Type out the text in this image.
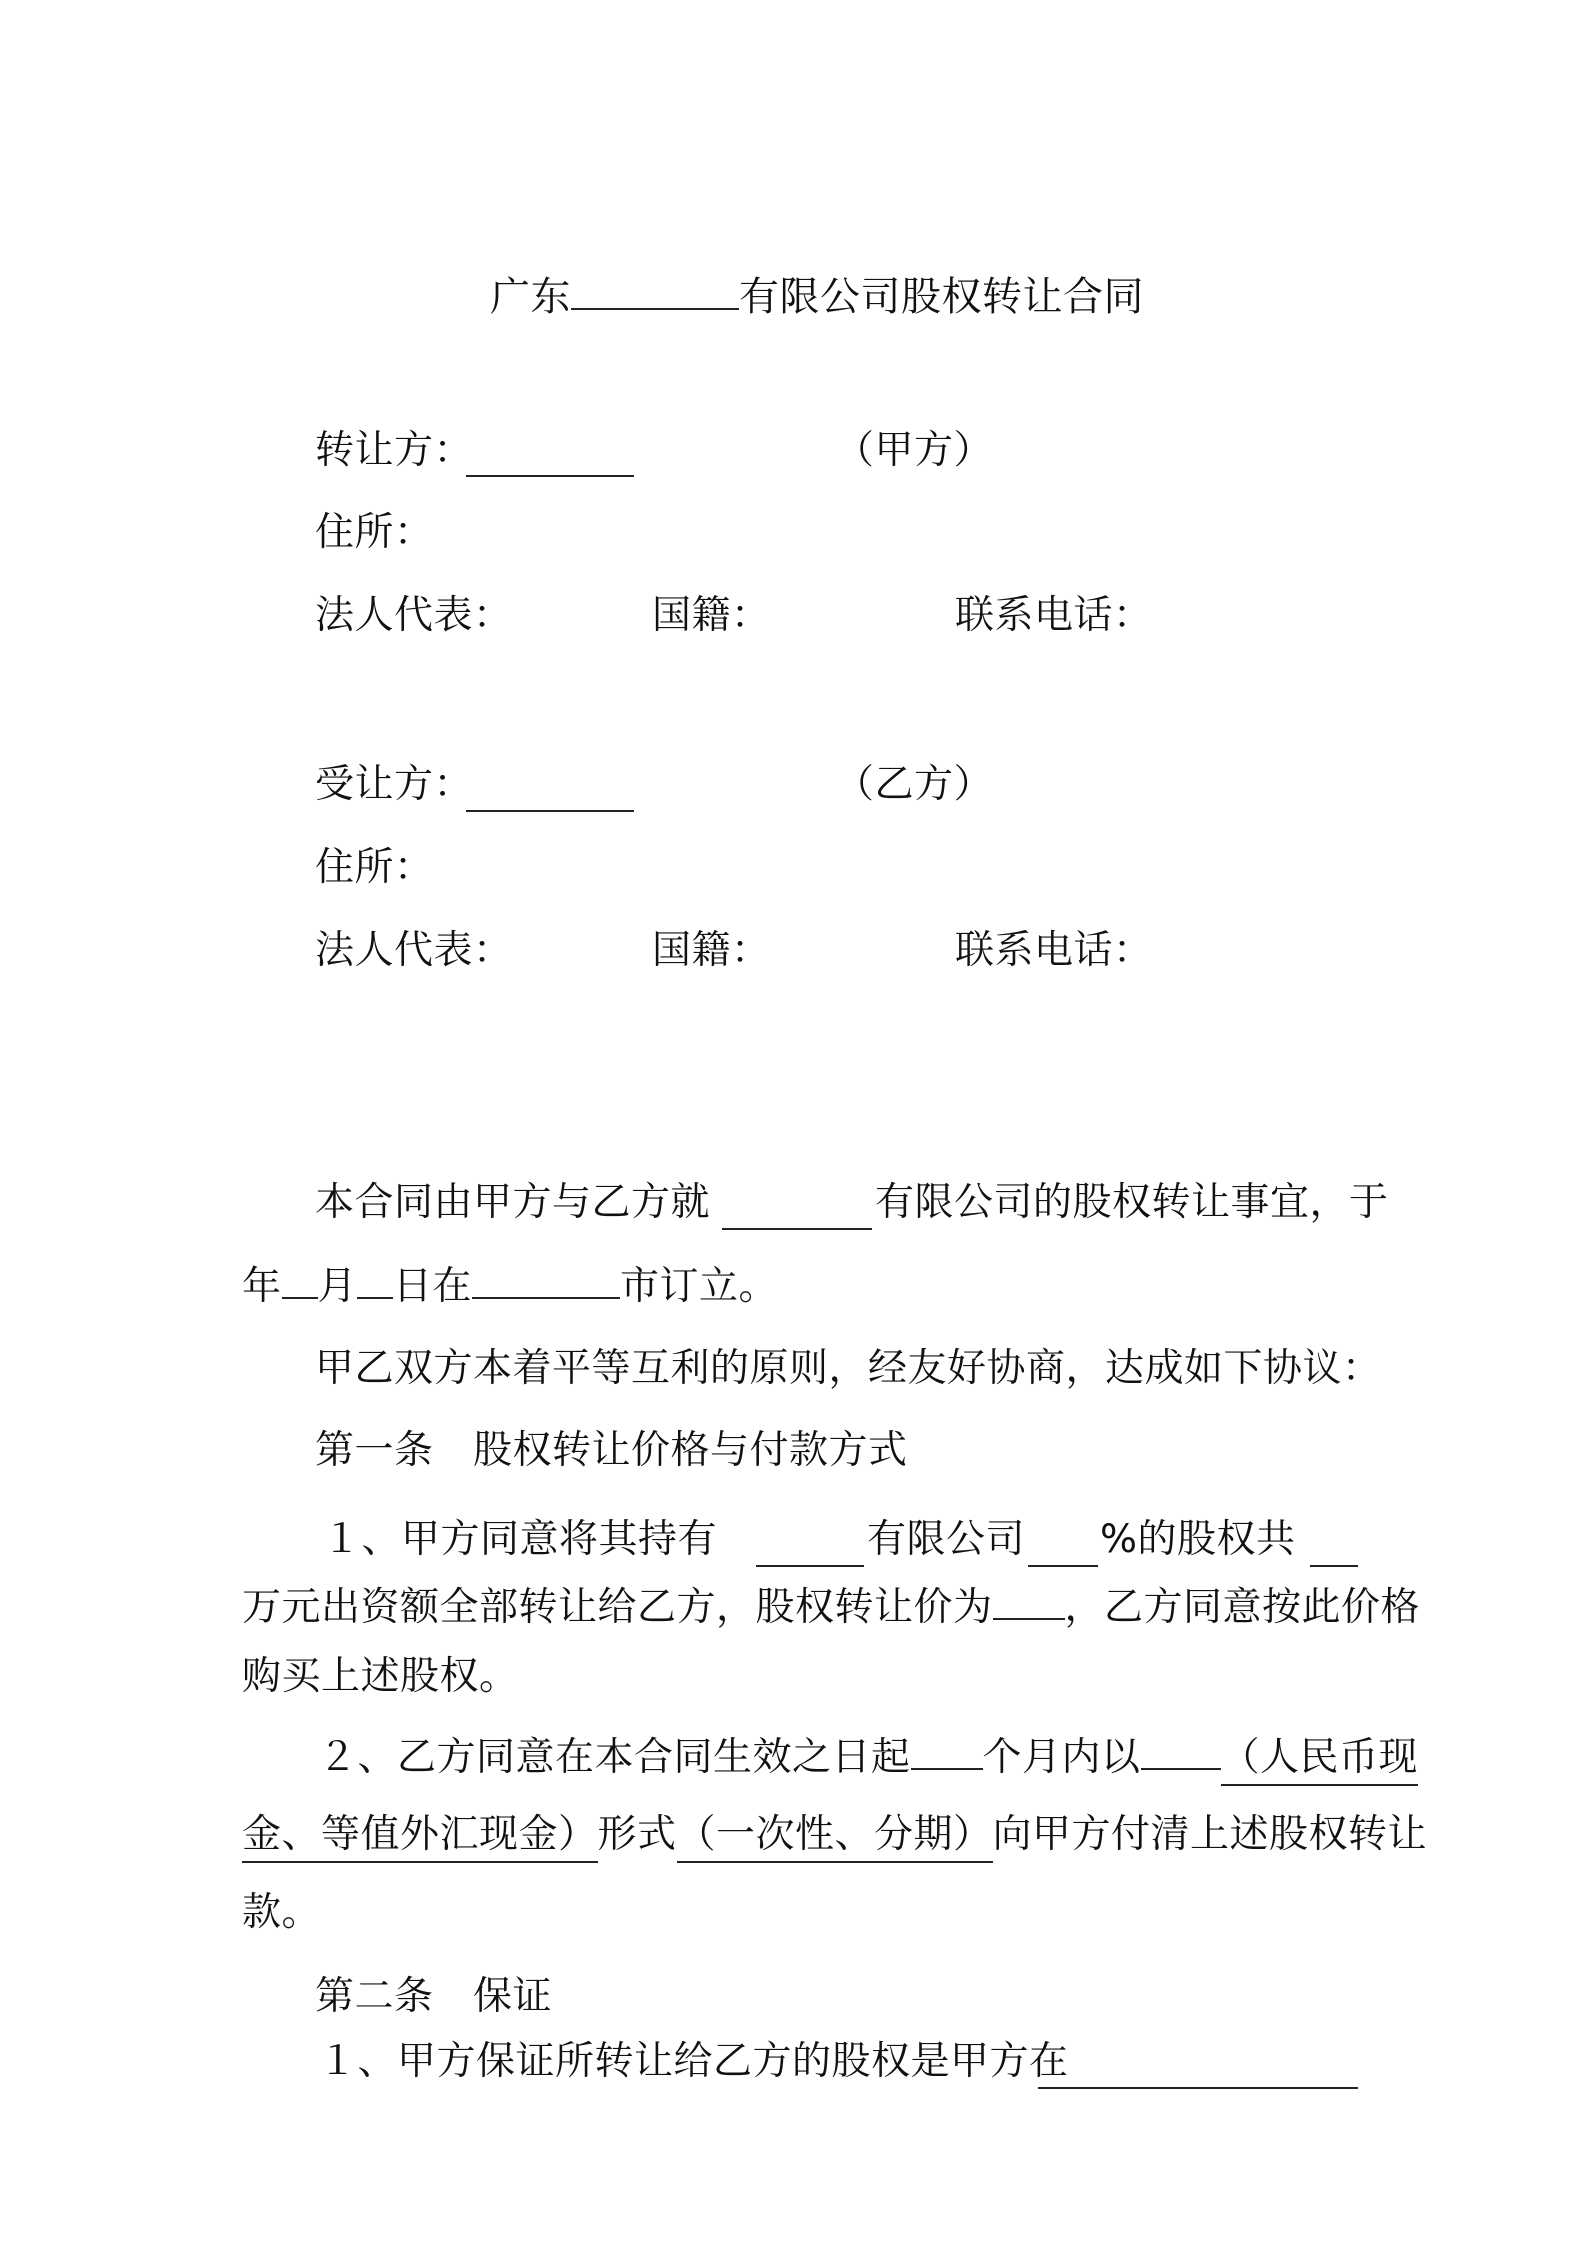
广东	有限公司股权转让合同
转让方：	（甲方）
住所：
法人代表：	国籍：	联系电话：
受让方：	（乙方）
住所：
法人代表：	国籍：	联系电话：
本合同由甲方与乙方就	有限公司的股权转让事宜，于
年 月 日在	市订立。
甲乙双方本着平等互利的原则，经友好协商，达成如下协议：
第一条　股权转让价格与付款方式
１、甲方同意将其持有	有限公司 %的股权共
万元出资额全部转让给乙方，股权转让价为 ，乙方同意按此价格
购买上述股权。
２、乙方同意在本合同生效之日起 个月内以 （人民币现
金、等值外汇现金）形式（一次性、分期）向甲方付清上述股权转让
款。
第二条　保证
１、甲方保证所转让给乙方的股权是甲方在
